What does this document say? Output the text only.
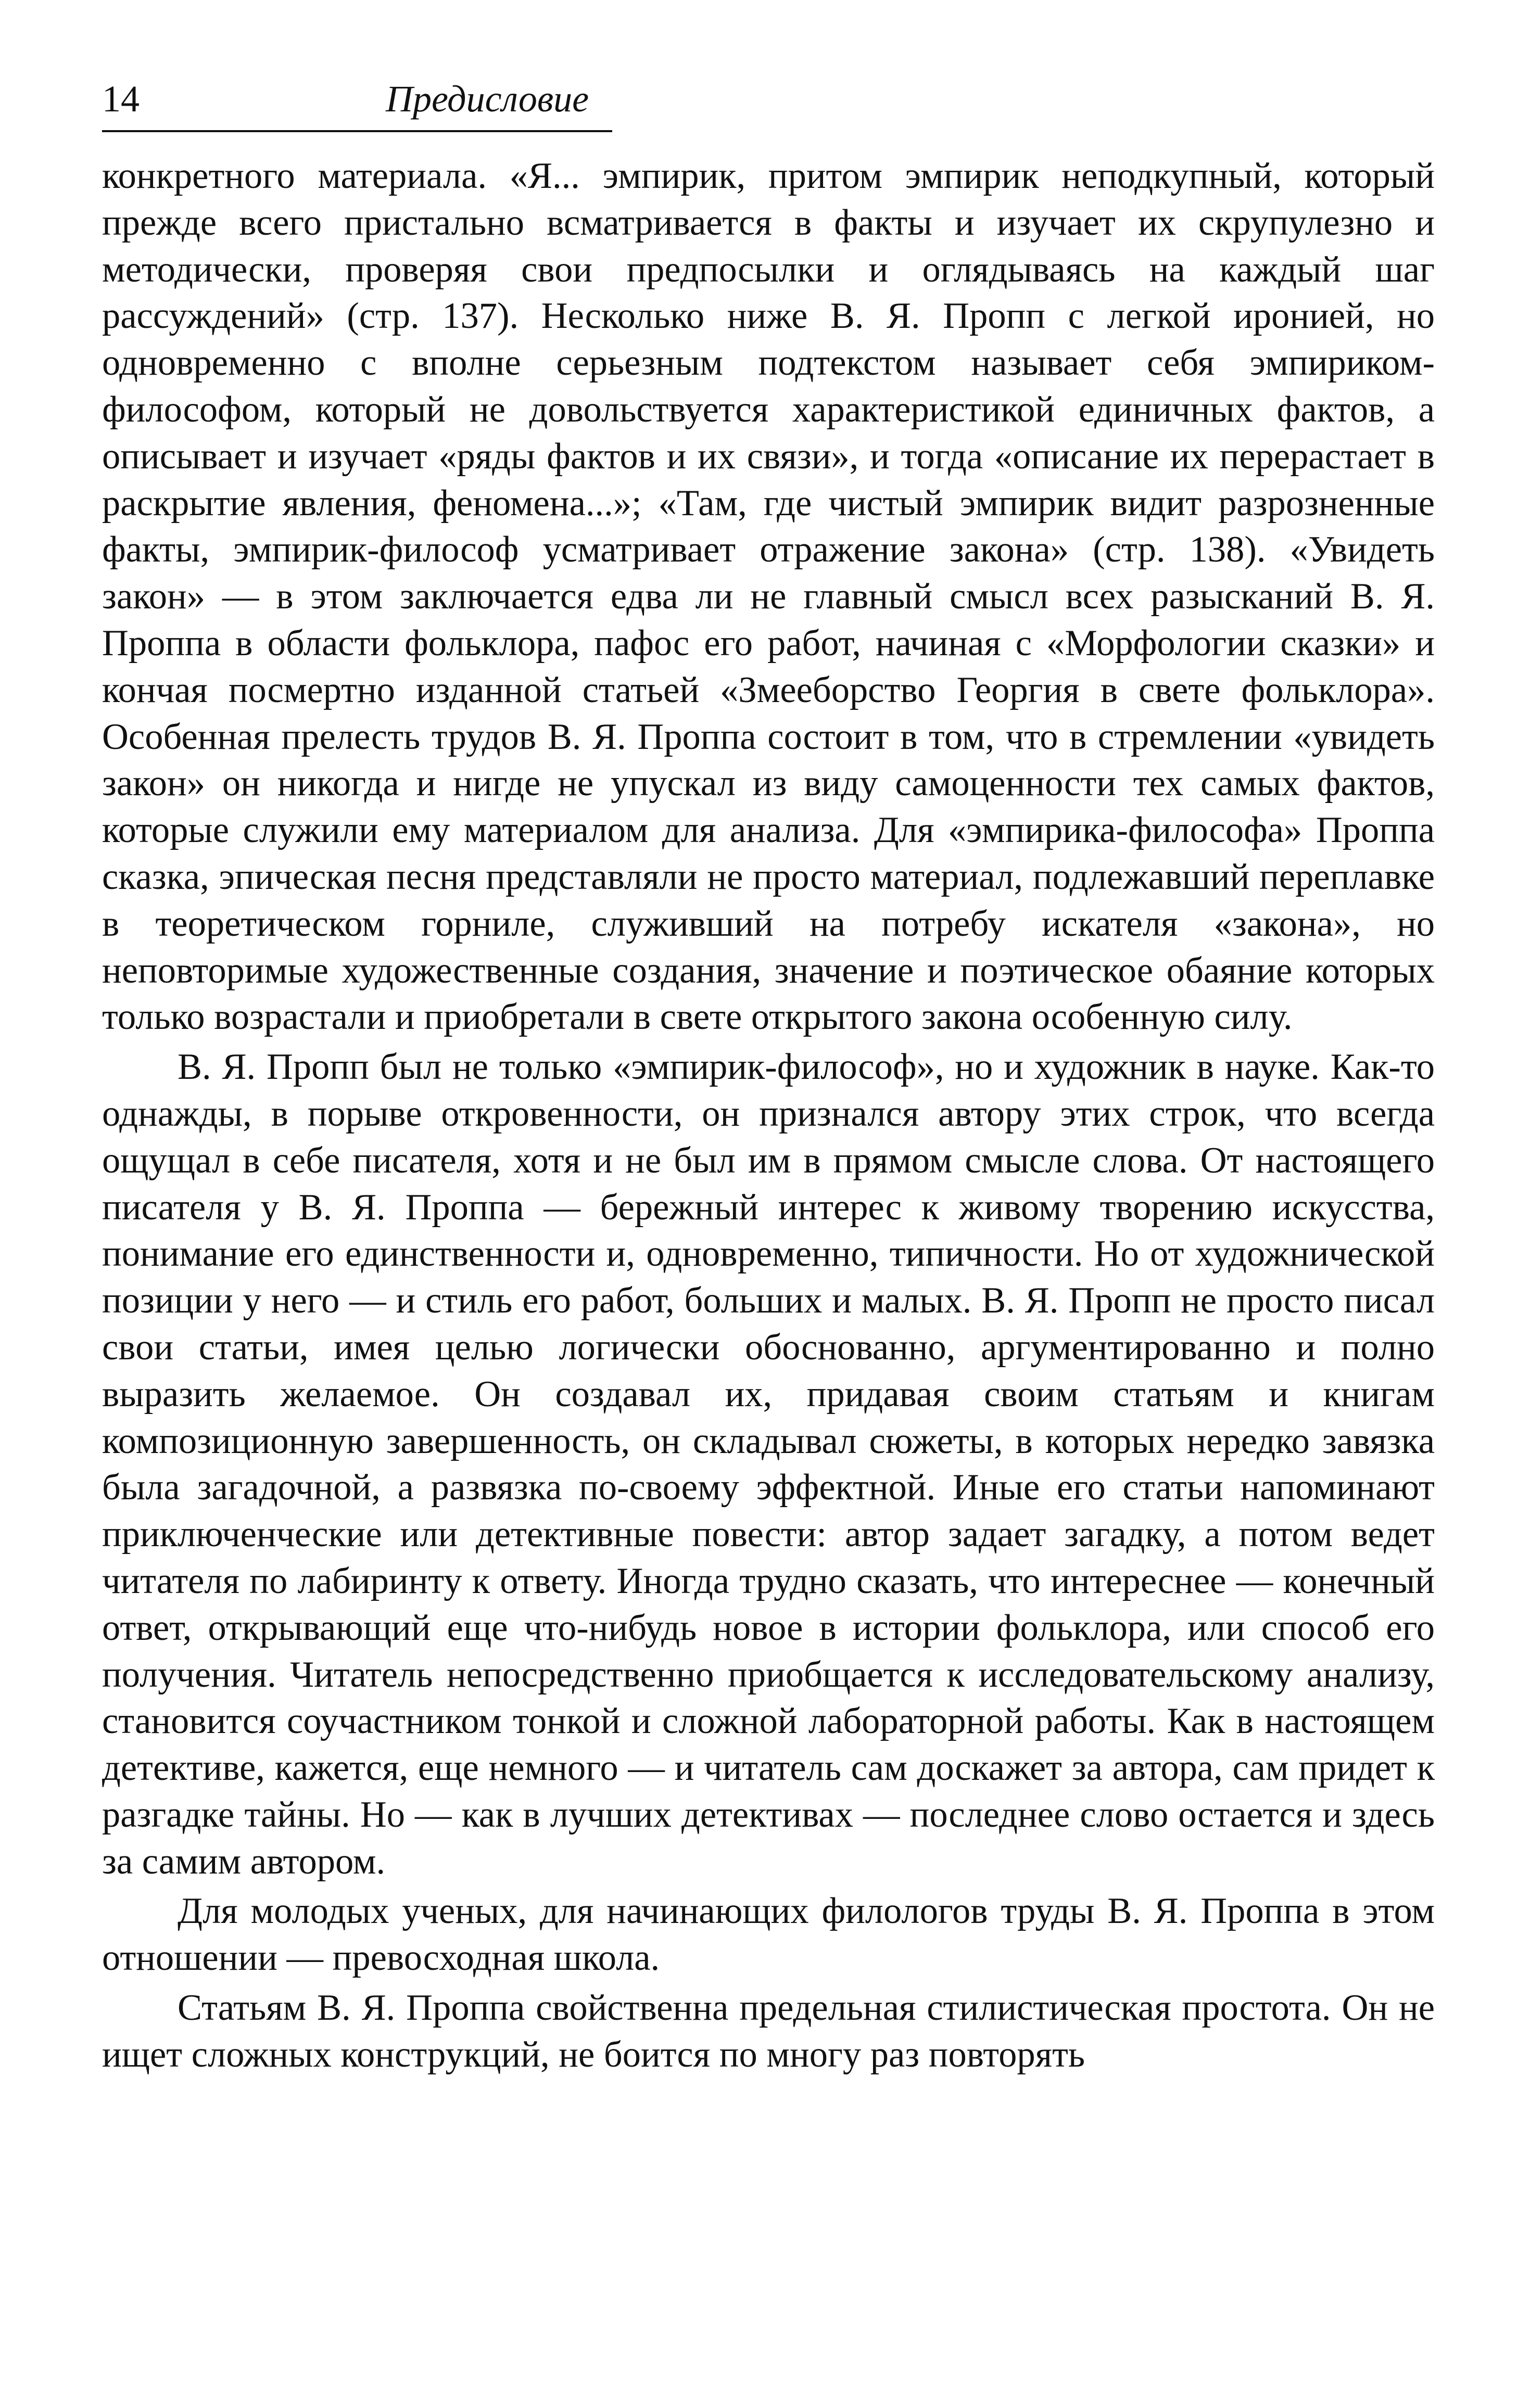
14	Предисловие

конкретного материала. «Я... эмпирик, притом эмпирик неподкупный, который прежде всего пристально всматривается в факты и изучает их скрупулезно и методически, проверяя свои предпосылки и оглядываясь на каждый шаг рассуждений» (стр. 137). Несколько ниже В. Я. Пропп с легкой иронией, но одновременно с вполне серьезным подтекстом называет себя эмпириком-философом, который не довольствуется характеристикой единичных фактов, а описывает и изучает «ряды фактов и их связи», и тогда «описание их перерастает в раскрытие явления, феномена...»; «Там, где чистый эмпирик видит разрозненные факты, эмпирик-философ усматривает отражение закона» (стр. 138). «Увидеть закон» — в этом заключается едва ли не главный смысл всех разысканий В. Я. Проппа в области фольклора, пафос его работ, начиная с «Морфологии сказки» и кончая посмертно изданной статьей «Змееборство Георгия в свете фольклора». Особенная прелесть трудов В. Я. Проппа состоит в том, что в стремлении «увидеть закон» он никогда и нигде не упускал из виду самоценности тех самых фактов, которые служили ему материалом для анализа. Для «эмпирика-философа» Проппа сказка, эпическая песня представляли не просто материал, подлежавший переплавке в теоретическом горниле, служивший на потребу искателя «закона», но неповторимые художественные создания, значение и поэтическое обаяние которых только возрастали и приобретали в свете открытого закона особенную силу.

В. Я. Пропп был не только «эмпирик-философ», но и художник в науке. Как-то однажды, в порыве откровенности, он признался автору этих строк, что всегда ощущал в себе писателя, хотя и не был им в прямом смысле слова. От настоящего писателя у В. Я. Проппа — бережный интерес к живому творению искусства, понимание его единственности и, одновременно, типичности. Но от художнической позиции у него — и стиль его работ, больших и малых. В. Я. Пропп не просто писал свои статьи, имея целью логически обоснованно, аргументированно и полно выразить желаемое. Он создавал их, придавая своим статьям и книгам композиционную завершенность, он складывал сюжеты, в которых нередко завязка была загадочной, а развязка по-своему эффектной. Иные его статьи напоминают приключенческие или детективные повести: автор задает загадку, а потом ведет читателя по лабиринту к ответу. Иногда трудно сказать, что интереснее — конечный ответ, открывающий еще что-нибудь новое в истории фольклора, или способ его получения. Читатель непосредственно приобщается к исследовательскому анализу, становится соучастником тонкой и сложной лабораторной работы. Как в настоящем детективе, кажется, еще немного — и читатель сам доскажет за автора, сам придет к разгадке тайны. Но — как в лучших детективах — последнее слово остается и здесь за самим автором.

Для молодых ученых, для начинающих филологов труды В. Я. Проппа в этом отношении — превосходная школа.

Статьям В. Я. Проппа свойственна предельная стилистическая простота. Он не ищет сложных конструкций, не боится по многу раз повторять
